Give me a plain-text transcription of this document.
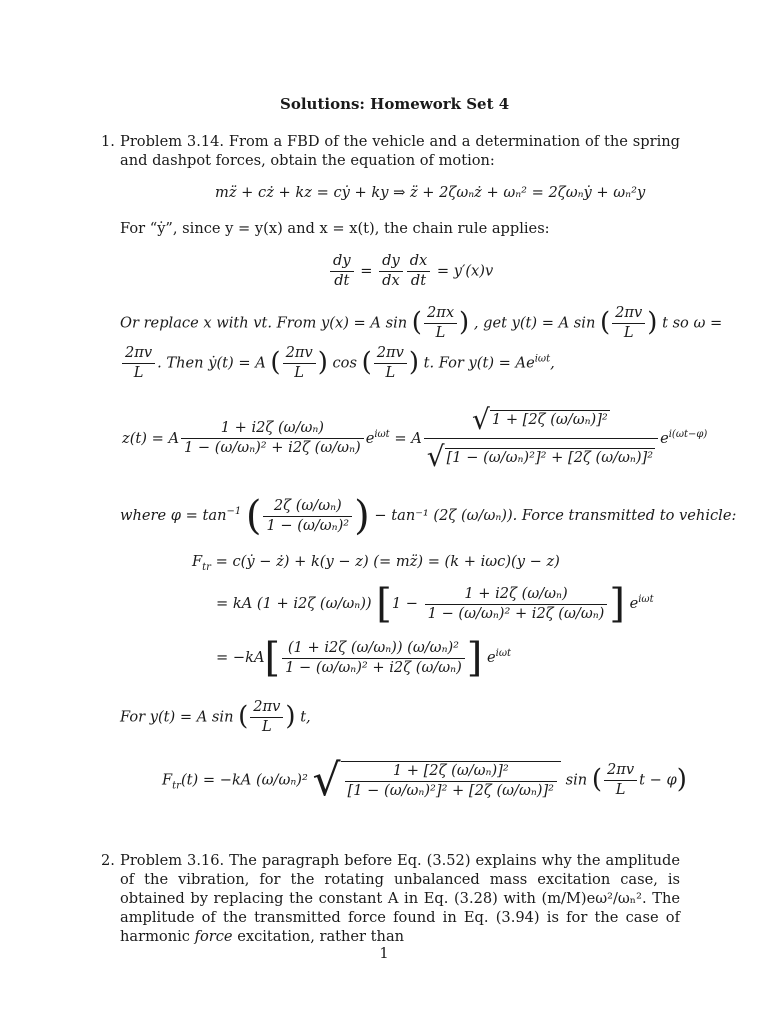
Solutions: Homework Set 4
1. Problem 3.14. From a FBD of the vehicle and a determination of the spring and dashpot forces, obtain the equation of motion:
mz̈ + cż + kz = cẏ + ky ⇒ z̈ + 2ζωₙż + ωₙ² = 2ζωₙẏ + ωₙ²y
For “ẏ”, since y = y(x) and x = x(t), the chain rule applies:
$\frac{dy}{dt} = \frac{dy}{dx} \frac{dx}{dt} = y'(x)v$
Or replace x with vt. From y(x) = A sin ( $\frac{2\pi x}{L}$ ) , get y(t) = A sin ( $\frac{2\pi v}{L}$ ) t so ω =
$\frac{2\pi v}{L}$ . Then ẏ(t) = A ( $\frac{2\pi v}{L}$ ) cos ( $\frac{2\pi v}{L}$ ) t. For $y(t) = Ae^{i\omega t}$,
z(t) = A $\frac{\text{1 + i2ζ (ω/ωₙ)}}{\text{1 − (ω/ωₙ)² + i2ζ (ω/ωₙ)}} e^{i\omega t} = A \frac{\text{√ 1 + [2ζ (ω/ωₙ)]²}}{\text{√ [1 − (ω/ωₙ)²]² + [2ζ (ω/ωₙ)]²}} e^{i(\omega t-\varphi)}$
where $\varphi = \tan^{-1}$ ( $\frac{\text{2ζ (ω/ωₙ)}}{\text{1 − (ω/ωₙ)²}}$ ) − tan⁻¹ (2ζ (ω/ωₙ)). Force transmitted to vehicle:
$F_{tr}$ = c(ẏ − ż) + k(y − z) (= mz̈) = (k + iωc)(y − z)
= kA (1 + i2ζ (ω/ωₙ)) [$1 - \frac{\text{1 + i2ζ (ω/ωₙ)}}{\text{1 − (ω/ωₙ)² + i2ζ (ω/ωₙ)}}$ ] $e^{i\omega t}$
= $-kA[ \frac{\text{(1 + i2ζ (ω/ωₙ)) (ω/ωₙ)²}}{\text{1 − (ω/ωₙ)² + i2ζ (ω/ωₙ)}}$ ] $e^{i\omega t}$
For y(t) = A sin ( $\frac{2\pi v}{L}$ ) t,
$F_{tr}(t) = -kA$ (ω/ωₙ)² √ $\frac{\text{1 + [2ζ (ω/ωₙ)]²}}{\text{[1 − (ω/ωₙ)²]² + [2ζ (ω/ωₙ)]²}}$ sin ( $\frac{2\pi v}{L}$ t − φ)
2. Problem 3.16. The paragraph before Eq. (3.52) explains why the amplitude of the vibration, for the rotating unbalanced mass excitation case, is obtained by replacing the constant A in Eq. (3.28) with (m/M)eω²/ωₙ². The amplitude of the transmitted force found in Eq. (3.94) is for the case of harmonic force excitation, rather than
1
